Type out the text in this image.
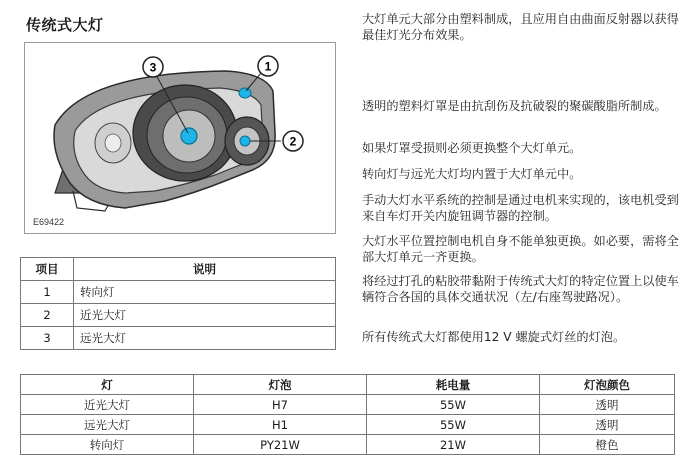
传统式大灯
3	1
2
E69422
项目	说明
1	转向灯
2	近光大灯
3	远光大灯

大灯单元大部分由塑料制成，且应用自由曲面反射器以获得最佳灯光分布效果。

透明的塑料灯罩是由抗刮伤及抗破裂的聚碳酸脂所制成。

如果灯罩受损则必须更换整个大灯单元。

转向灯与远光大灯均内置于大灯单元中。

手动大灯水平系统的控制是通过电机来实现的，该电机受到来自车灯开关内旋钮调节器的控制。

大灯水平位置控制电机自身不能单独更换。如必要，需将全部大灯单元一齐更换。

将经过打孔的粘胶带黏附于传统式大灯的特定位置上以使车辆符合各国的具体交通状况（左/右座驾驶路况）。

所有传统式大灯都使用12 V 螺旋式灯丝的灯泡。

灯	灯泡	耗电量	灯泡颜色
近光大灯	H7	55W	透明
远光大灯	H1	55W	透明
转向灯	PY21W	21W	橙色
